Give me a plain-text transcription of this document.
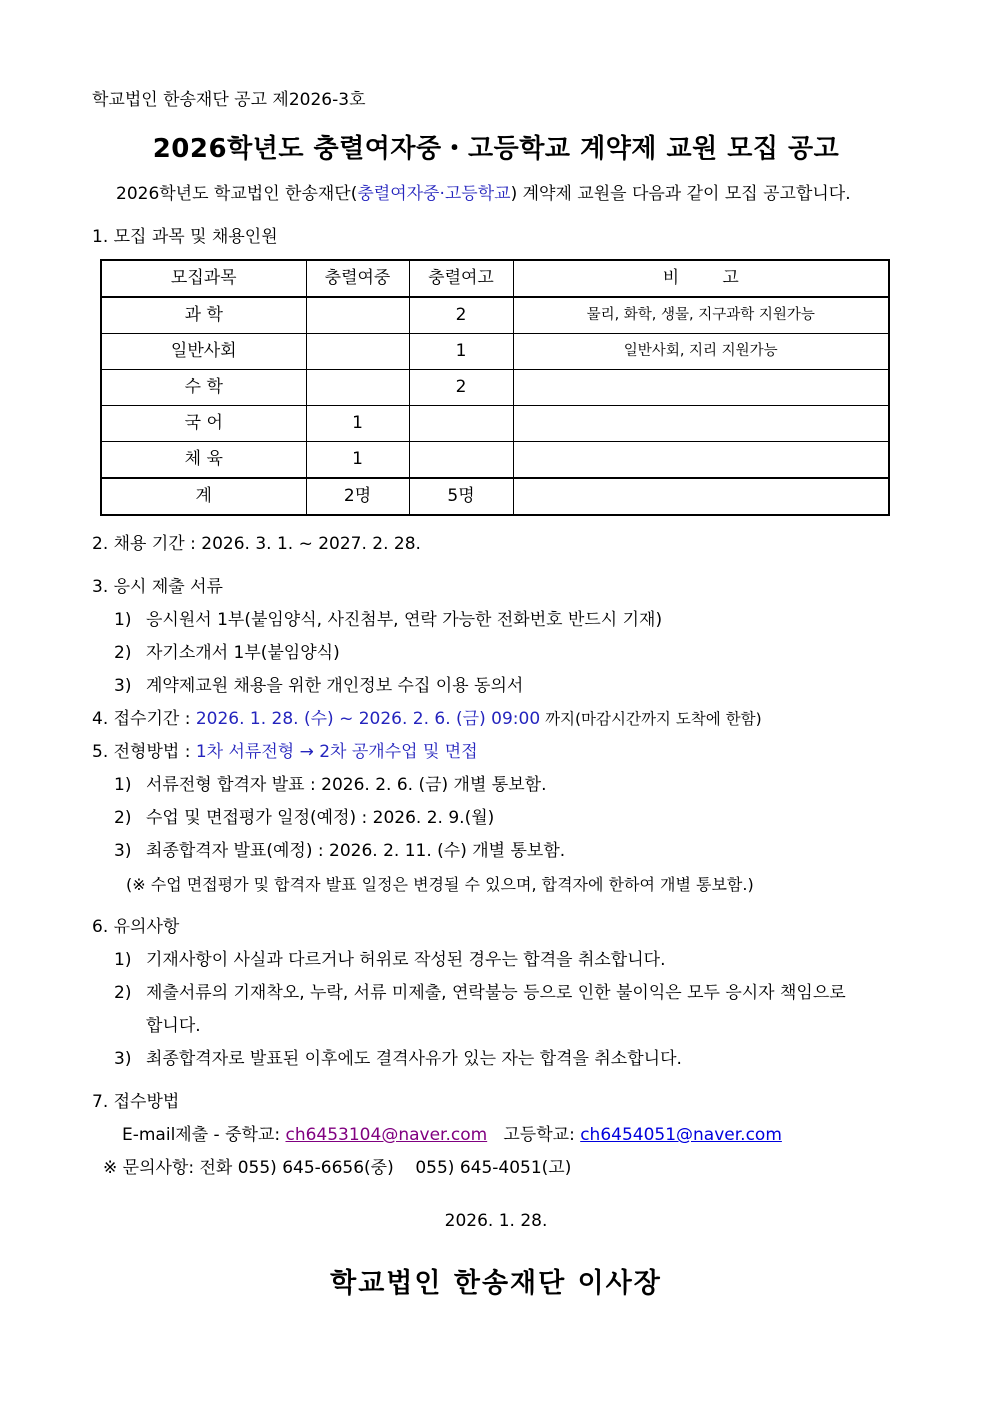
학교법인 한송재단 공고 제2026-3호
2026학년도 충렬여자중・고등학교 계약제 교원 모집 공고

2026학년도 학교법인 한송재단(충렬여자중·고등학교) 계약제 교원을 다음과 같이 모집 공고합니다.

1. 모집 과목 및 채용인원
모집과목	충렬여중	충렬여고	비        고
과 학		2	물리, 화학, 생물, 지구과학 지원가능
일반사회		1	일반사회, 지리 지원가능
수 학		2	
국 어	1		
체 육	1		
계	2명	5명	
2. 채용 기간 : 2026. 3. 1. ~ 2027. 2. 28.
3. 응시 제출 서류
1) 응시원서 1부(붙임양식, 사진첨부, 연락 가능한 전화번호 반드시 기재)
2) 자기소개서 1부(붙임양식)
3) 계약제교원 채용을 위한 개인정보 수집 이용 동의서
4. 접수기간 : 2026. 1. 28. (수) ~ 2026. 2. 6. (금) 09:00 까지(마감시간까지 도착에 한함)
5. 전형방법 : 1차 서류전형 → 2차 공개수업 및 면접
1) 서류전형 합격자 발표 : 2026. 2. 6. (금) 개별 통보함.
2) 수업 및 면접평가 일정(예정) : 2026. 2. 9.(월)
3) 최종합격자 발표(예정) : 2026. 2. 11. (수) 개별 통보함.
(※ 수업 면접평가 및 합격자 발표 일정은 변경될 수 있으며, 합격자에 한하여 개별 통보함.)
6. 유의사항
1) 기재사항이 사실과 다르거나 허위로 작성된 경우는 합격을 취소합니다.
2) 제출서류의 기재착오, 누락, 서류 미제출, 연락불능 등으로 인한 불이익은 모두 응시자 책임으로 합니다.
3) 최종합격자로 발표된 이후에도 결격사유가 있는 자는 합격을 취소합니다.
7. 접수방법
E-mail제출 - 중학교: ch6453104@naver.com   고등학교: ch6454051@naver.com
※ 문의사항: 전화 055) 645-6656(중)    055) 645-4051(고)
2026. 1. 28.
학교법인 한송재단 이사장
